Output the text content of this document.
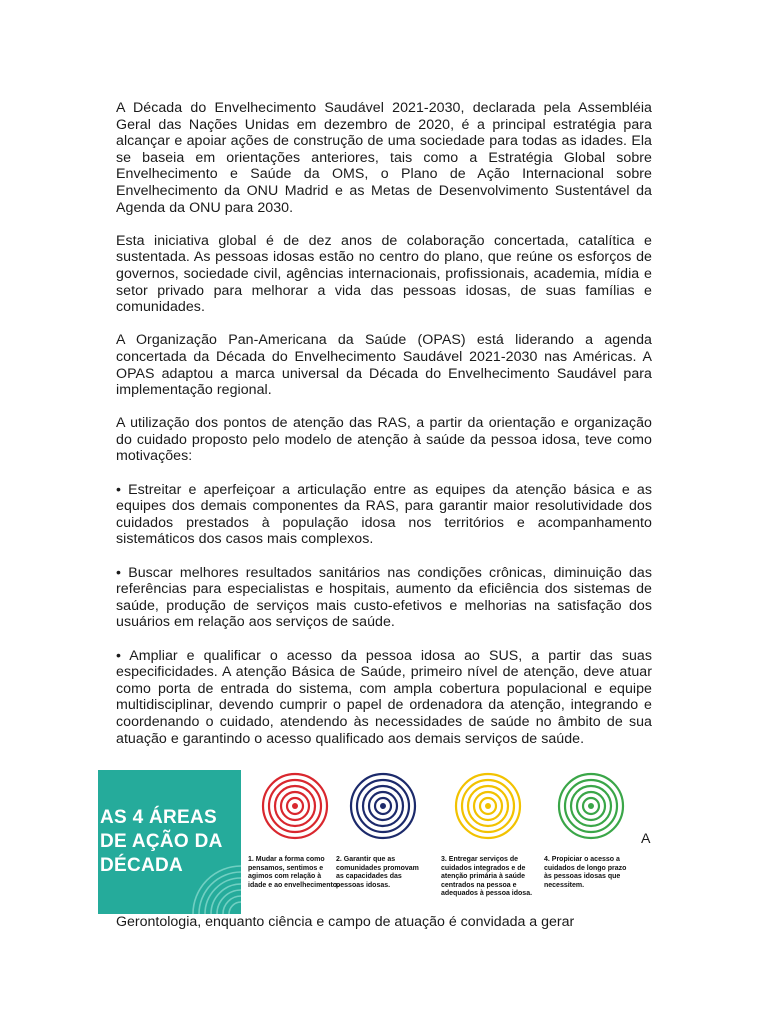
A Década do Envelhecimento Saudável 2021-2030, declarada pela Assembléia Geral das Nações Unidas em dezembro de 2020, é a principal estratégia para alcançar e apoiar ações de construção de uma sociedade para todas as idades. Ela se baseia em orientações anteriores, tais como a Estratégia Global sobre Envelhecimento e Saúde da OMS, o Plano de Ação Internacional sobre Envelhecimento da ONU Madrid e as Metas de Desenvolvimento Sustentável da Agenda da ONU para 2030.

Esta iniciativa global é de dez anos de colaboração concertada, catalítica e sustentada. As pessoas idosas estão no centro do plano, que reúne os esforços de governos, sociedade civil, agências internacionais, profissionais, academia, mídia e setor privado para melhorar a vida das pessoas idosas, de suas famílias e comunidades.

A Organização Pan-Americana da Saúde (OPAS) está liderando a agenda concertada da Década do Envelhecimento Saudável 2021-2030 nas Américas. A OPAS adaptou a marca universal da Década do Envelhecimento Saudável para implementação regional.

A utilização dos pontos de atenção das RAS, a partir da orientação e organização do cuidado proposto pelo modelo de atenção à saúde da pessoa idosa, teve como motivações:

• Estreitar e aperfeiçoar a articulação entre as equipes da atenção básica e as equipes dos demais componentes da RAS, para garantir maior resolutividade dos cuidados prestados à população idosa nos territórios e acompanhamento sistemáticos dos casos mais complexos.

• Buscar melhores resultados sanitários nas condições crônicas, diminuição das referências para especialistas e hospitais, aumento da eficiência dos sistemas de saúde, produção de serviços mais custo-efetivos e melhorias na satisfação dos usuários em relação aos serviços de saúde.

• Ampliar e qualificar o acesso da pessoa idosa ao SUS, a partir das suas especificidades. A atenção Básica de Saúde, primeiro nível de atenção, deve atuar como porta de entrada do sistema, com ampla cobertura populacional e equipe multidisciplinar, devendo cumprir o papel de ordenadora da atenção, integrando e coordenando o cuidado, atendendo às necessidades de saúde no âmbito de sua atuação e garantindo o acesso qualificado aos demais serviços de saúde.

AS 4 ÁREAS
DE AÇÃO DA
DÉCADA	1. Mudar a forma como pensamos, sentimos e agimos com relação à idade e ao envelhecimento.
2. Garantir que as comunidades promovam as capacidades das pessoas idosas.
3. Entregar serviços de cuidados integrados e de atenção primária à saúde centrados na pessoa e adequados à pessoa idosa.
4. Propiciar o acesso a cuidados de longo prazo às pessoas idosas que necessitem.
A
Gerontologia, enquanto ciência e campo de atuação é convidada a gerar
